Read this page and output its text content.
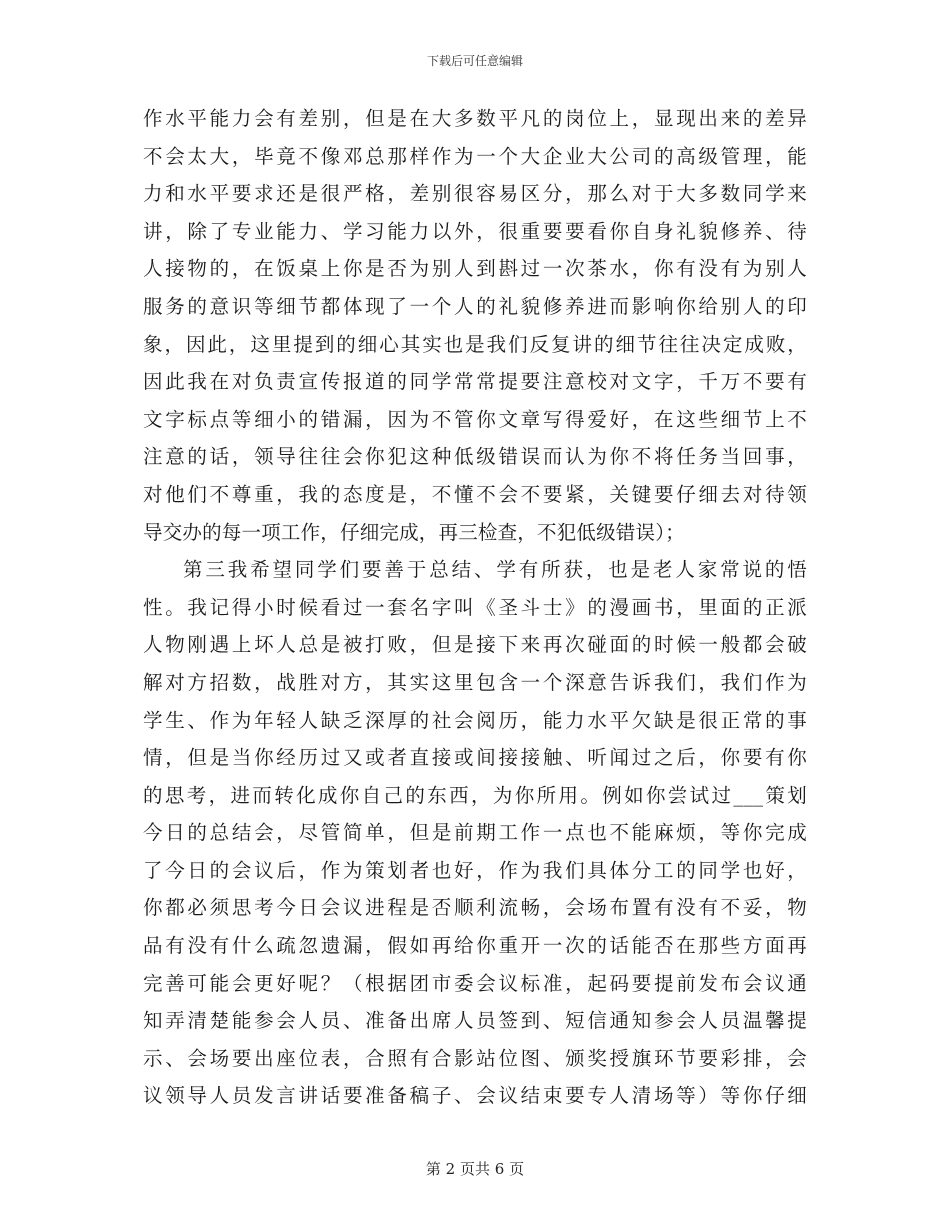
下载后可任意编辑
作水平能力会有差别，但是在大多数平凡的岗位上，显现出来的差异
不会太大，毕竟不像邓总那样作为一个大企业大公司的高级管理，能
力和水平要求还是很严格，差别很容易区分，那么对于大多数同学来
讲，除了专业能力、学习能力以外，很重要要看你自身礼貌修养、待
人接物的，在饭桌上你是否为别人到斟过一次茶水，你有没有为别人
服务的意识等细节都体现了一个人的礼貌修养进而影响你给别人的印
象，因此，这里提到的细心其实也是我们反复讲的细节往往决定成败，
因此我在对负责宣传报道的同学常常提要注意校对文字，千万不要有
文字标点等细小的错漏，因为不管你文章写得爱好，在这些细节上不
注意的话，领导往往会你犯这种低级错误而认为你不将任务当回事，
对他们不尊重，我的态度是，不懂不会不要紧，关键要仔细去对待领
导交办的每一项工作，仔细完成，再三检查，不犯低级错误）；
第三我希望同学们要善于总结、学有所获，也是老人家常说的悟
性。我记得小时候看过一套名字叫《圣斗士》的漫画书，里面的正派
人物刚遇上坏人总是被打败，但是接下来再次碰面的时候一般都会破
解对方招数，战胜对方，其实这里包含一个深意告诉我们，我们作为
学生、作为年轻人缺乏深厚的社会阅历，能力水平欠缺是很正常的事
情，但是当你经历过又或者直接或间接接触、听闻过之后，你要有你
的思考，进而转化成你自己的东西，为你所用。例如你尝试过___策划
今日的总结会，尽管简单，但是前期工作一点也不能麻烦，等你完成
了今日的会议后，作为策划者也好，作为我们具体分工的同学也好，
你都必须思考今日会议进程是否顺利流畅，会场布置有没有不妥，物
品有没有什么疏忽遗漏，假如再给你重开一次的话能否在那些方面再
完善可能会更好呢？（根据团市委会议标准，起码要提前发布会议通
知弄清楚能参会人员、准备出席人员签到、短信通知参会人员温馨提
示、会场要出座位表，合照有合影站位图、颁奖授旗环节要彩排，会
议领导人员发言讲话要准备稿子、会议结束要专人清场等）等你仔细
第 2 页共 6 页
